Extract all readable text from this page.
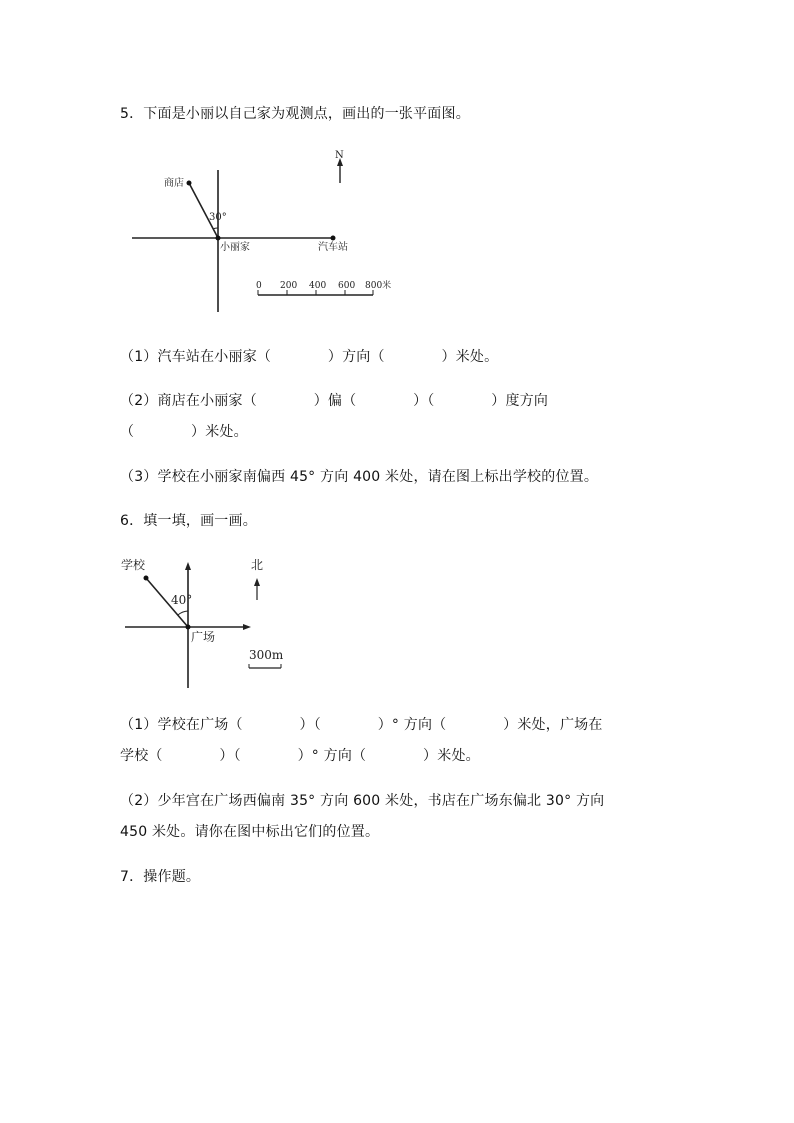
5．下面是小丽以自己家为观测点，画出的一张平面图。
N
商店
30°
小丽家	汽车站
0 200 400 600 800米
（1）汽车站在小丽家（　　　　）方向（　　　　）米处。
（2）商店在小丽家（　　　　）偏（　　　　）（　　　　）度方向
（　　　　）米处。
（3）学校在小丽家南偏西 45° 方向 400 米处，请在图上标出学校的位置。
6．填一填，画一画。
北
学校
40°
广场
300m
（1）学校在广场（　　　　）（　　　　）° 方向（　　　　）米处，广场在
学校（　　　　）（　　　　）° 方向（　　　　）米处。
（2）少年宫在广场西偏南 35° 方向 600 米处，书店在广场东偏北 30° 方向
450 米处。请你在图中标出它们的位置。
7．操作题。
